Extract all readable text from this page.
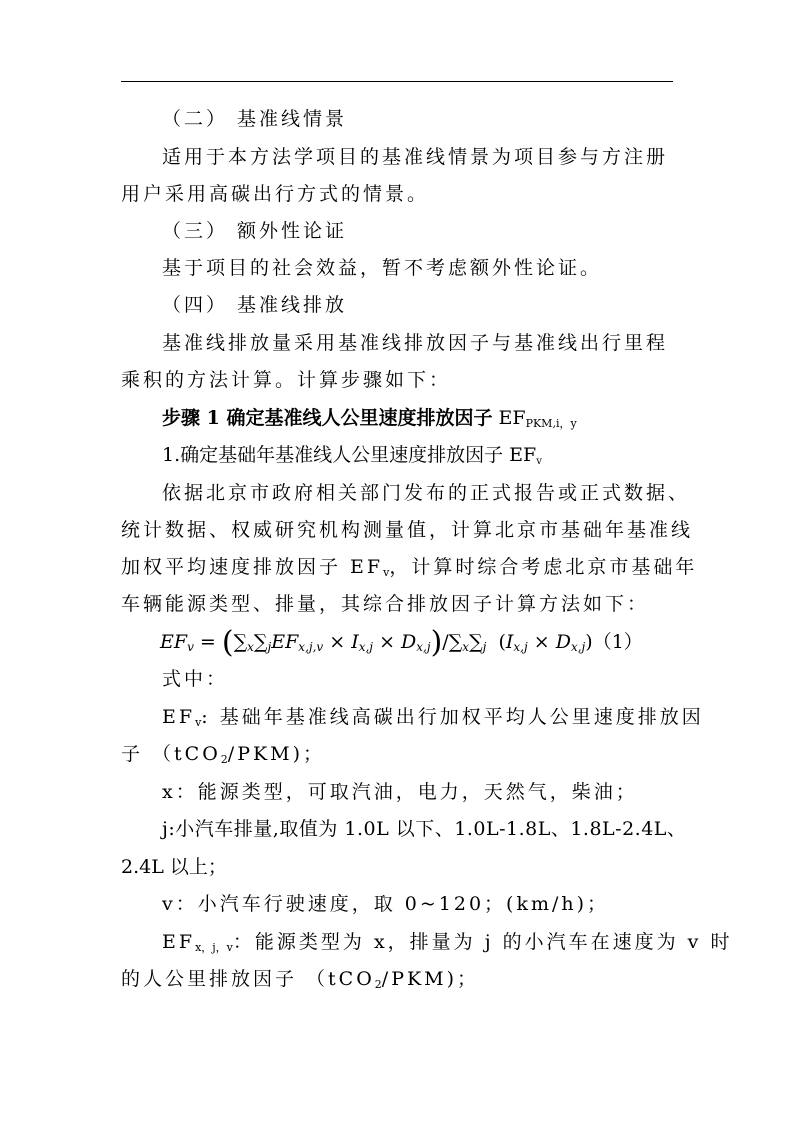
（二） 基准线情景
适用于本方法学项目的基准线情景为项目参与方注册
用户采用高碳出行方式的情景。
（三） 额外性论证
基于项目的社会效益，暂不考虑额外性论证。
（四） 基准线排放
基准线排放量采用基准线排放因子与基准线出行里程
乘积的方法计算。计算步骤如下：
步骤 1 确定基准线人公里速度排放因子 $EF_{PKM,i,y}$
1.确定基础年基准线人公里速度排放因子 $EF_v$
依据北京市政府相关部门发布的正式报告或正式数据、
统计数据、权威研究机构测量值，计算北京市基础年基准线
加权平均速度排放因子 $EF_v$，计算时综合考虑北京市基础年
车辆能源类型、排量，其综合排放因子计算方法如下：
$EF_v = (\sum_x\sum_jEF_{x,j,v} \times I_{x,j} \times D_{x,j})/\sum_x\sum_j$ $(I_{x,j} \times D_{x,j})(1)$
式中：
$EF_v$: 基础年基准线高碳出行加权平均人公里速度排放因
子 （tCO$_2$/PKM)；
x：能源类型，可取汽油，电力，天然气，柴油；
j:小汽车排量,取值为 1.0L 以下、1.0L-1.8L、1.8L-2.4L、
2.4L 以上；
v：小汽车行驶速度，取 0~120；(km/h)；
$EF_{x,j,v}$：能源类型为 x，排量为 j 的小汽车在速度为 v 时
的人公里排放因子 （tCO$_2$/PKM)；
